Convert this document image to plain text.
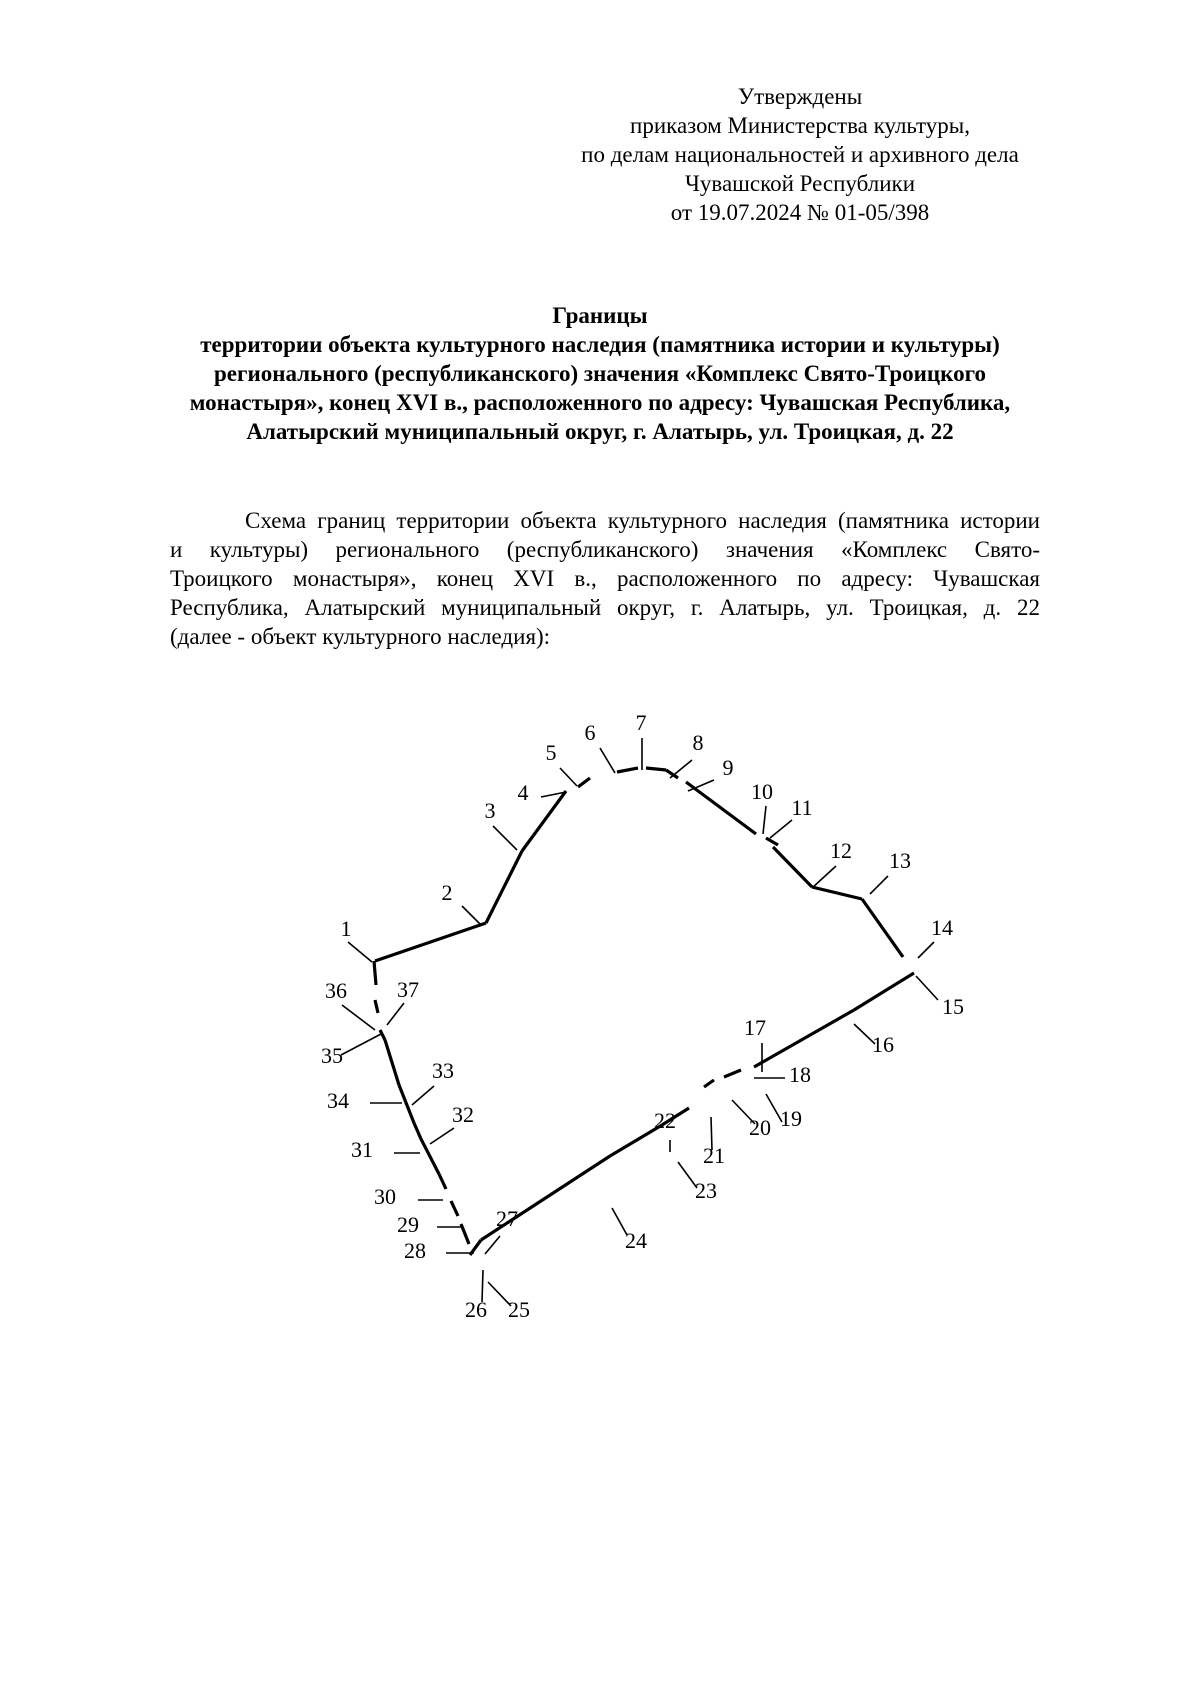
Утверждены
приказом Министерства культуры,
по делам национальностей и архивного дела
Чувашской Республики
от 19.07.2024 № 01-05/398
Границы
территории объекта культурного наследия (памятника истории и культуры)
регионального (республиканского) значения «Комплекс Свято-Троицкого
монастыря», конец XVI в., расположенного по адресу: Чувашская Республика,
Алатырский муниципальный округ, г. Алатырь, ул. Троицкая, д. 22
Схема границ территории объекта культурного наследия (памятника истории
и культуры) регионального (республиканского) значения «Комплекс Свято-
Троицкого монастыря», конец XVI в., расположенного по адресу: Чувашская
Республика, Алатырский муниципальный округ, г. Алатырь, ул. Троицкая, д. 22
(далее - объект культурного наследия):
1
2
3
4
5
6 7
8
9
10
11
12 13
14
15
16
17
18
19
20
21
22
23
24
25
26
27
28
29
30
31
32
33
34
35
36 37
